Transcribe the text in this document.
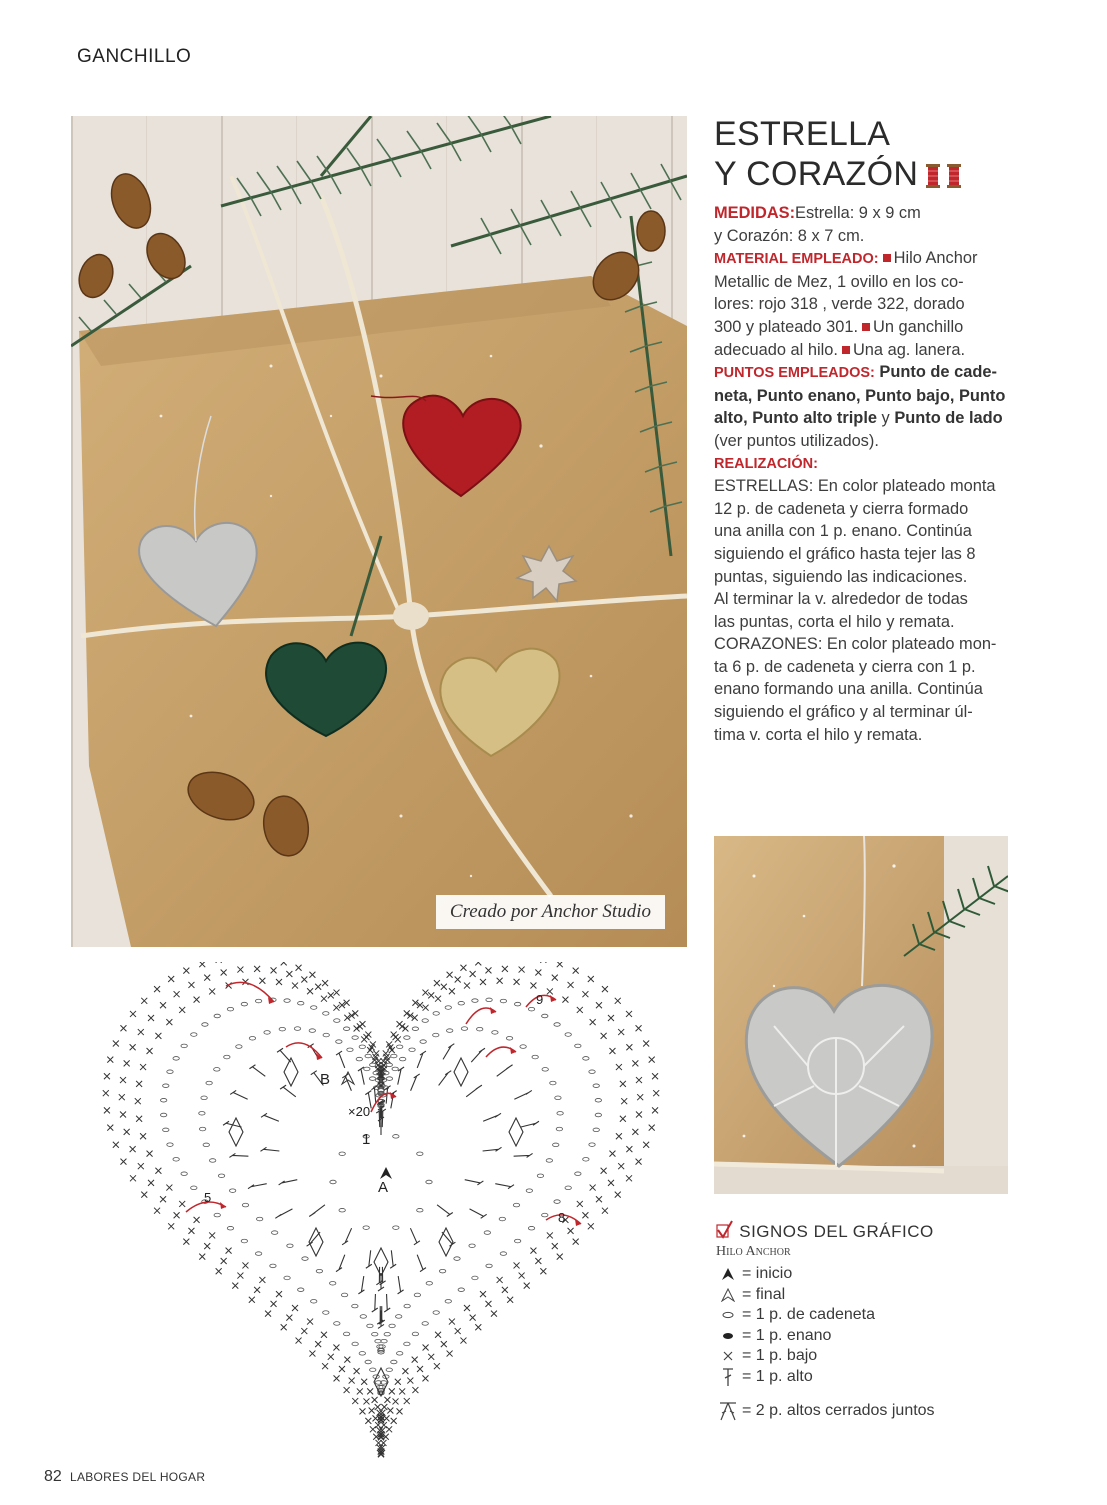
GANCHILLO
Creado por Anchor Studio
ESTRELLA
Y CORAZÓN
MEDIDAS:Estrella: 9 x 9 cm
y Corazón: 8 x 7 cm.
MATERIAL EMPLEADO: Hilo Anchor
Metallic de Mez, 1 ovillo en los co-
lores: rojo 318 , verde 322, dorado
300 y plateado 301. Un ganchillo
adecuado al hilo. Una ag. lanera.
PUNTOS EMPLEADOS: Punto de cade-
neta, Punto enano, Punto bajo, Punto
alto, Punto alto triple y Punto de lado
(ver puntos utilizados).
REALIZACIÓN:
ESTRELLAS: En color plateado monta
12 p. de cadeneta y cierra formado
una anilla con 1 p. enano. Continúa
siguiendo el gráfico hasta tejer las 8
puntas, siguiendo las indicaciones.
Al terminar la v. alrededor de todas
las puntas, corta el hilo y remata.
CORAZONES: En color plateado mon-
ta 6 p. de cadeneta y cierra con 1 p.
enano formando una anilla. Continúa
siguiendo el gráfico y al terminar úl-
tima v. corta el hilo y remata.
A
B
1
×20
5
8
9
SIGNOS DEL GRÁFICO
Hilo Anchor
= inicio
= final
= 1 p. de cadeneta
= 1 p. enano
= 1 p. bajo
= 1 p. alto
= 2 p. altos cerrados juntos
82 LABORES DEL HOGAR
